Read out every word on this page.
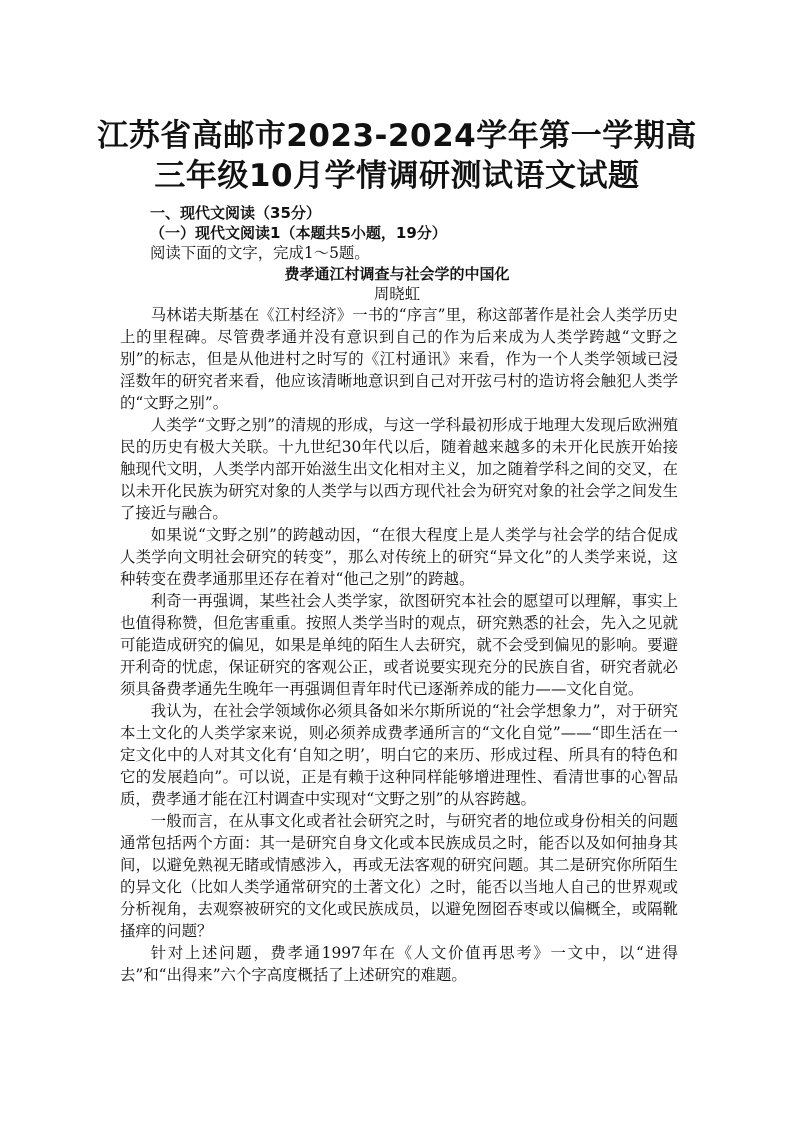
江苏省高邮市2023-2024学年第一学期高
三年级10月学情调研测试语文试题
一、现代文阅读（35分）
（一）现代文阅读1（本题共5小题，19分）
阅读下面的文字，完成1～5题。
费孝通江村调查与社会学的中国化
周晓虹

马林诺夫斯基在《江村经济》一书的“序言”里，称这部著作是社会人类学历史上的里程碑。尽管费孝通并没有意识到自己的作为后来成为人类学跨越“文野之别”的标志，但是从他进村之时写的《江村通讯》来看，作为一个人类学领域已浸淫数年的研究者来看，他应该清晰地意识到自己对开弦弓村的造访将会触犯人类学的“文野之别”。

人类学“文野之别”的清规的形成，与这一学科最初形成于地理大发现后欧洲殖民的历史有极大关联。十九世纪30年代以后，随着越来越多的未开化民族开始接触现代文明，人类学内部开始滋生出文化相对主义，加之随着学科之间的交叉，在以未开化民族为研究对象的人类学与以西方现代社会为研究对象的社会学之间发生了接近与融合。

如果说“文野之别”的跨越动因，“在很大程度上是人类学与社会学的结合促成人类学向文明社会研究的转变”，那么对传统上的研究“异文化”的人类学来说，这种转变在费孝通那里还存在着对“他己之别”的跨越。

利奇一再强调，某些社会人类学家，欲图研究本社会的愿望可以理解，事实上也值得称赞，但危害重重。按照人类学当时的观点，研究熟悉的社会，先入之见就可能造成研究的偏见，如果是单纯的陌生人去研究，就不会受到偏见的影响。要避开利奇的忧虑，保证研究的客观公正，或者说要实现充分的民族自省，研究者就必须具备费孝通先生晚年一再强调但青年时代已逐渐养成的能力——文化自觉。

我认为，在社会学领域你必须具备如米尔斯所说的“社会学想象力”，对于研究本土文化的人类学家来说，则必须养成费孝通所言的“文化自觉”——“即生活在一定文化中的人对其文化有‘自知之明’，明白它的来历、形成过程、所具有的特色和它的发展趋向”。可以说，正是有赖于这种同样能够增进理性、看清世事的心智品质，费孝通才能在江村调查中实现对“文野之别”的从容跨越。

一般而言，在从事文化或者社会研究之时，与研究者的地位或身份相关的问题通常包括两个方面：其一是研究自身文化或本民族成员之时，能否以及如何抽身其间，以避免熟视无睹或情感涉入，再或无法客观的研究问题。其二是研究你所陌生的异文化（比如人类学通常研究的土著文化）之时，能否以当地人自己的世界观或分析视角，去观察被研究的文化或民族成员，以避免囫囵吞枣或以偏概全，或隔靴搔痒的问题？

针对上述问题，费孝通1997年在《人文价值再思考》一文中，以“进得去”和“出得来”六个字高度概括了上述研究的难题。
